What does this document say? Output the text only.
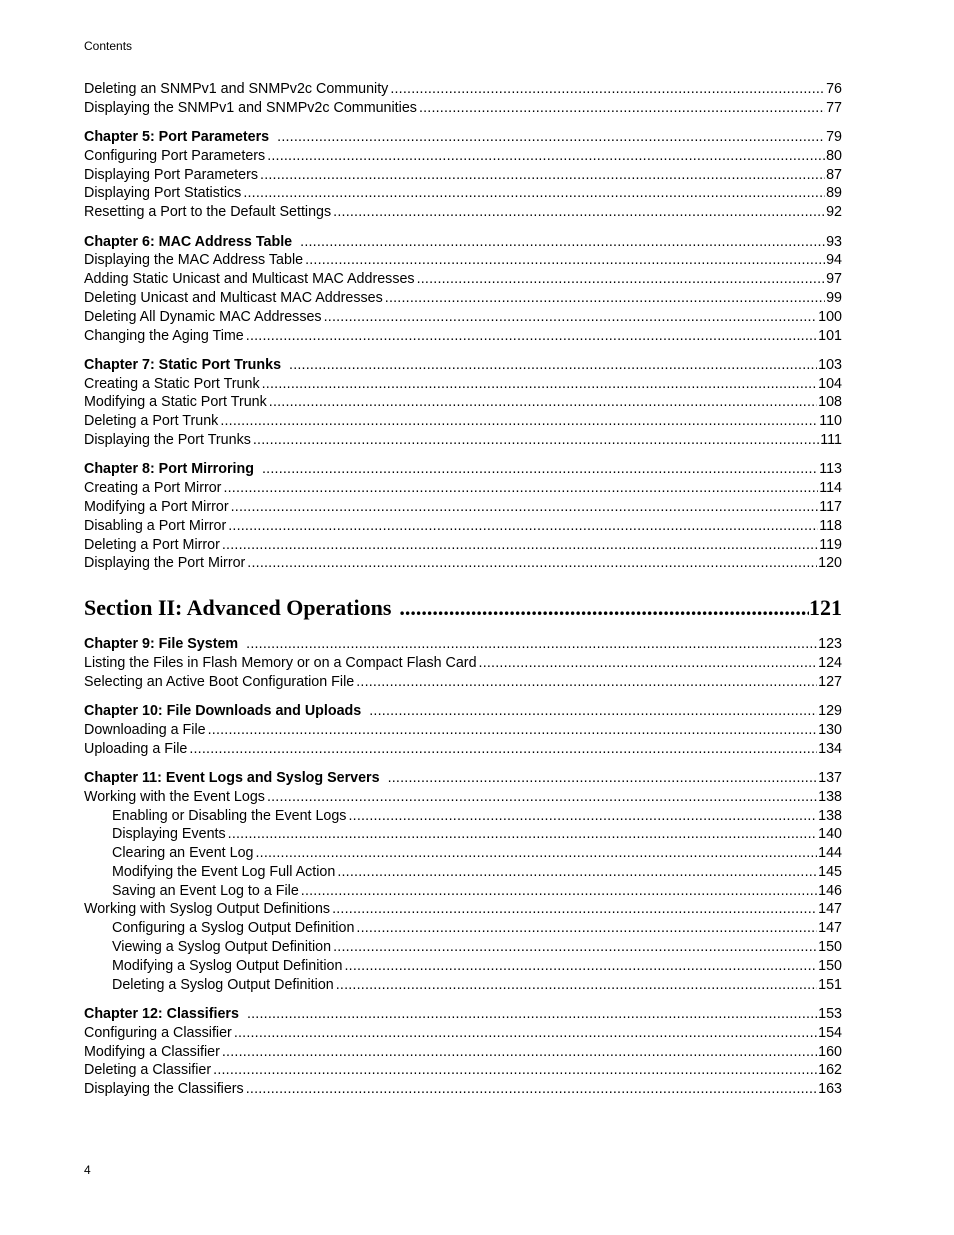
Contents
Deleting an SNMPv1 and SNMPv2c Community .....	76
Displaying the SNMPv1 and SNMPv2c Communities .....	77
Chapter 5: Port Parameters .....	79
Configuring Port Parameters .....	80
Displaying Port Parameters .....	87
Displaying Port Statistics .....	89
Resetting a Port to the Default Settings .....	92
Chapter 6: MAC Address Table .....	93
Displaying the MAC Address Table .....	94
Adding Static Unicast and Multicast MAC Addresses .....	97
Deleting Unicast and Multicast MAC Addresses .....	99
Deleting All Dynamic MAC Addresses .....	100
Changing the Aging Time .....	101
Chapter 7: Static Port Trunks .....	103
Creating a Static Port Trunk .....	104
Modifying a Static Port Trunk .....	108
Deleting a Port Trunk .....	110
Displaying the Port Trunks .....	111
Chapter 8: Port Mirroring .....	113
Creating a Port Mirror .....	114
Modifying a Port Mirror .....	117
Disabling a Port Mirror .....	118
Deleting a Port Mirror .....	119
Displaying the Port Mirror .....	120
Section II: Advanced Operations .....	121
Chapter 9: File System .....	123
Listing the Files in Flash Memory or on a Compact Flash Card .....	124
Selecting an Active Boot Configuration File .....	127
Chapter 10: File Downloads and Uploads .....	129
Downloading a File .....	130
Uploading a File .....	134
Chapter 11: Event Logs and Syslog Servers .....	137
Working with the Event Logs .....	138
Enabling or Disabling the Event Logs .....	138
Displaying Events .....	140
Clearing an Event Log .....	144
Modifying the Event Log Full Action .....	145
Saving an Event Log to a File .....	146
Working with Syslog Output Definitions .....	147
Configuring a Syslog Output Definition .....	147
Viewing a Syslog Output Definition .....	150
Modifying a Syslog Output Definition .....	150
Deleting a Syslog Output Definition .....	151
Chapter 12: Classifiers .....	153
Configuring a Classifier .....	154
Modifying a Classifier .....	160
Deleting a Classifier .....	162
Displaying the Classifiers .....	163
4
